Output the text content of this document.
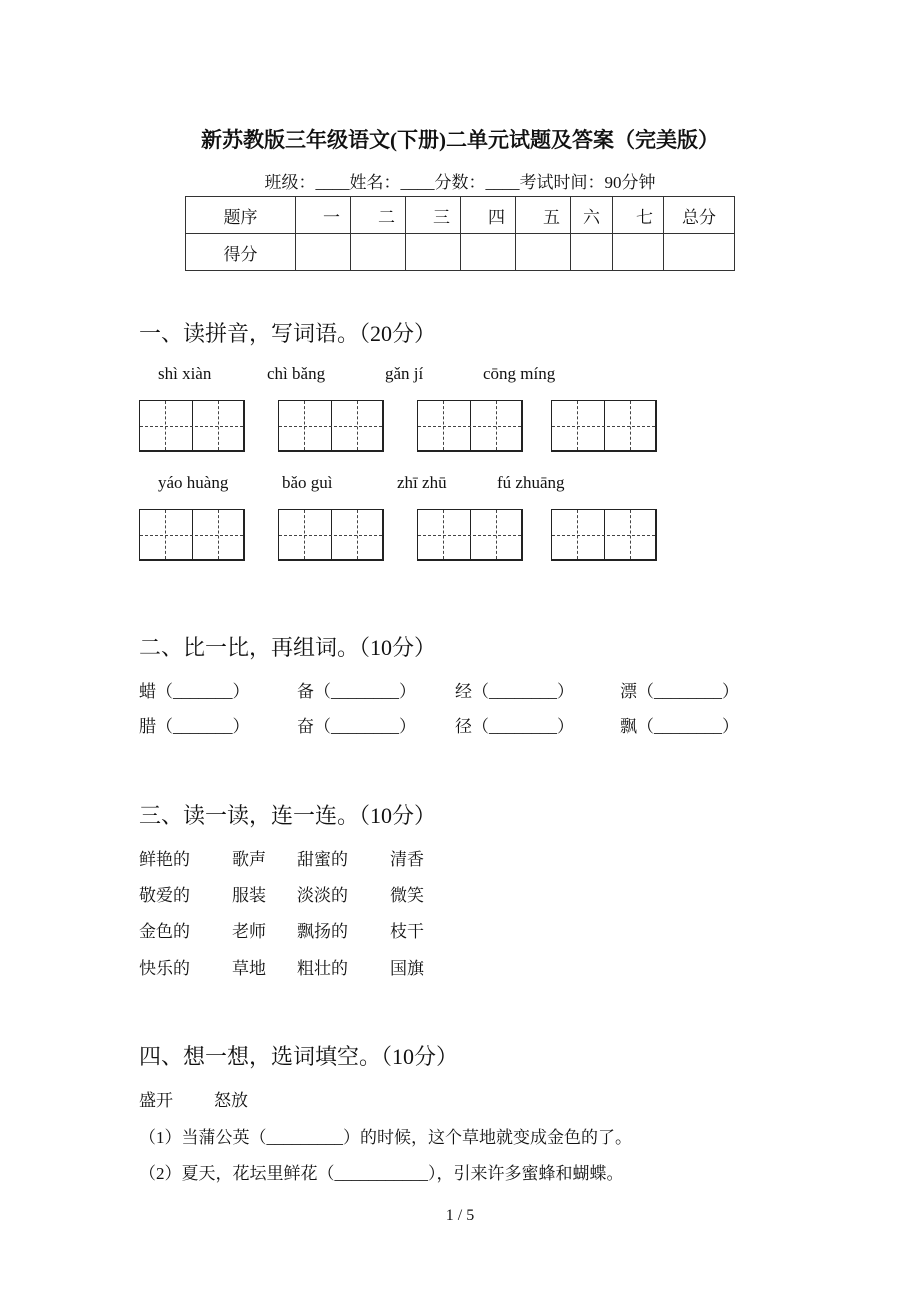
新苏教版三年级语文(下册)二单元试题及答案（完美版）
班级：____姓名：____分数：____考试时间：90分钟
题序	一	二	三	四	五	六	七	总分
得分								
一、读拼音，写词语。（20分）
shì xiàn	chì bǎng	gǎn jí	cōng míng
yáo huàng	bǎo guì	zhī zhū	fú zhuāng
二、比一比，再组词。（10分）
蜡（_______）	备（________） 经（________）	漂（________）
腊（_______）	奋（________） 径（________）	飘（________）
三、读一读，连一连。（10分）
鲜艳的 歌声 甜蜜的 清香
敬爱的 服装 淡淡的 微笑
金色的 老师 飘扬的 枝干
快乐的 草地 粗壮的 国旗
四、想一想，选词填空。（10分）
盛开 怒放
（1）当蒲公英（_________）的时候，这个草地就变成金色的了。
（2）夏天，花坛里鲜花（___________），引来许多蜜蜂和蝴蝶。
1 / 5
